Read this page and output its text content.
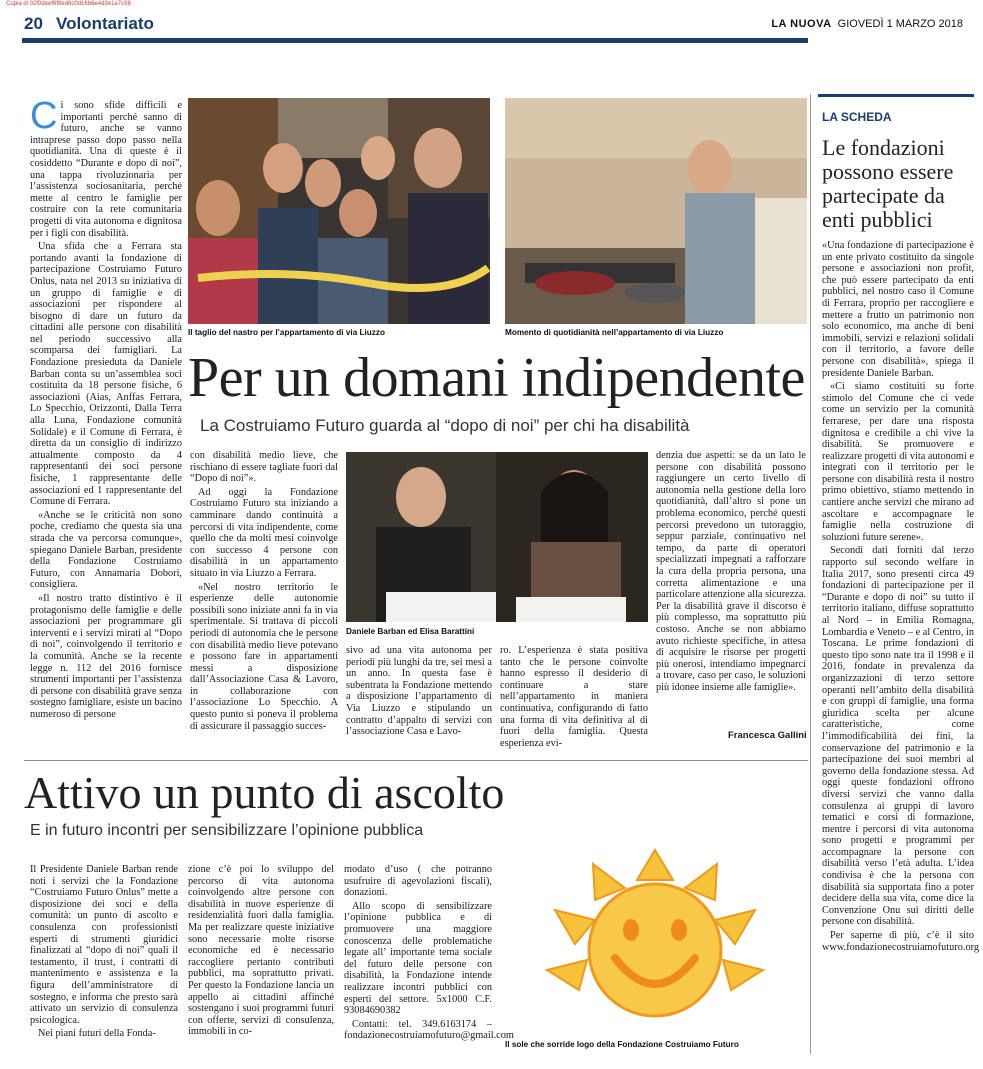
Copia di 02f0deef6f8ed8c0d16b6e4d3e1a7c98
20 Volontariato	LA NUOVA GIOVEDÌ 1 MARZO 2018
C i sono sfide difficili e importanti perché sanno di futuro, anche se vanno intraprese passo dopo passo nella quotidianità. Una di queste è il cosiddetto “Durante e dopo di noi”, una tappa rivoluzionaria per l’assistenza sociosanitaria, perché mette al centro le famiglie per costruire con la rete comunitaria progetti di vita autonoma e dignitosa per i figli con disabilità.

Una sfida che a Ferrara sta portando avanti la fondazione di partecipazione Costruiamo Futuro Onlus, nata nel 2013 su iniziativa di un gruppo di famiglie e di associazioni per rispondere al bisogno di dare un futuro da cittadini alle persone con disabilità nel periodo successivo alla scomparsa dei famigliari. La Fondazione presieduta da Daniele Barban conta su un’assemblea soci costituita da 18 persone fisiche, 6 associazioni (Aias, Anffas Ferrara, Lo Specchio, Orizzonti, Dalla Terra alla Luna, Fondazione comunità Solidale) e il Comune di Ferrara, è diretta da un consiglio di indirizzo attualmente composto da 4 rappresentanti dei soci persone fisiche, 1 rappresentante delle associazioni ed 1 rappresentante del Comune di Ferrara.

«Anche se le criticità non sono poche, crediamo che questa sia una strada che va percorsa comunque», spiegano Daniele Barban, presidente della Fondazione Costruiamo Futuro, con Annamaria Dobori, consigliera.

«Il nostro tratto distintivo è il protagonismo delle famiglie e delle associazioni per programmare gli interventi e i servizi mirati al “Dopo di noi”, coinvolgendo il territorio e la comunità. Anche se la recente legge n. 112 del 2016 fornisce strumenti importanti per l’assistenza di persone con disabilità grave senza sostegno famigliare, esiste un bacino numeroso di persone

Il taglio del nastro per l’appartamento di via Liuzzo	Momento di quotidianità nell’appartamento di via Liuzzo
Per un domani indipendente
La Costruiamo Futuro guarda al “dopo di noi” per chi ha disabilità

con disabilità medio lieve, che rischiano di essere tagliate fuori dal “Dopo di noi”».

Ad oggi la Fondazione Costruiamo Futuro sta iniziando a camminare dando continuità a percorsi di vita indipendente, come quello che da molti mesi coinvolge con successo 4 persone con disabilità in un appartamento situato in via Liuzzo a Ferrara.

«Nel nostro territorio le esperienze delle autonomie possibili sono iniziate anni fa in via sperimentale. Si trattava di piccoli periodi di autonomia che le persone con disabilità medio lieve potevano e possono fare in appartamenti messi a disposizione dall’Associazione Casa & Lavoro, in collaborazione con l’associazione Lo Specchio. A questo punto si poneva il problema di assicurare il passaggio succes-

Daniele Barban ed Elisa Barattini

sivo ad una vita autonoma per periodi più lunghi da tre, sei mesi a un anno. In questa fase è subentrata la Fondazione mettendo a disposizione l’appartamento di Via Liuzzo e stipulando un contratto d’appalto di servizi con l’associazione Casa e Lavo-

ro. L’esperienza è stata positiva tanto che le persone coinvolte hanno espresso il desiderio di continuare a stare nell’appartamento in maniera continuativa, configurando di fatto una forma di vita definitiva al di fuori della famiglia. Questa esperienza evi-

denzia due aspetti: se da un lato le persone con disabilità possono raggiungere un certo livello di autonomia nella gestione della loro quotidianità, dall’altro si pone un problema economico, perché questi percorsi prevedono un tutoraggio, seppur parziale, continuativo nel tempo, da parte di operatori specializzati impegnati a rafforzare la cura della propria persona, una corretta alimentazione e una particolare attenzione alla sicurezza. Per la disabilità grave il discorso è più complesso, ma soprattutto più costoso. Anche se non abbiamo avuto richieste specifiche, in attesa di acquisire le risorse per progetti più onerosi, intendiamo impegnarci a trovare, caso per caso, le soluzioni più idonee insieme alle famiglie».

Francesca Gallini
Attivo un punto di ascolto
E in futuro incontri per sensibilizzare l’opinione pubblica

Il Presidente Daniele Barban rende noti i servizi che la Fondazione “Costruiamo Futuro Onlus” mette a disposizione dei soci e della comunità: un punto di ascolto e consulenza con professionisti esperti di strumenti giuridici finalizzati al “dopo di noi” quali il testamento, il trust, i contratti di mantenimento e assistenza e la figura dell’amministratore di sostegno, e informa che presto sarà attivato un servizio di consulenza psicologica.

Nei piani futuri della Fonda-

zione c’è poi lo sviluppo del percorso di vita autonoma coinvolgendo altre persone con disabilità in nuove esperienze di residenzialità fuori dalla famiglia. Ma per realizzare queste iniziative sono necessarie molte risorse economiche ed è necessario raccogliere pertanto contributi pubblici, ma soprattutto privati. Per questo la Fondazione lancia un appello ai cittadini affinché sostengano i suoi programmi futuri con offerte, servizi di consulenza, immobili in co-

modato d’uso ( che potranno usufruire di agevolazioni fiscali), donazioni.

Allo scopo di sensibilizzare l’opinione pubblica e di promuovere una maggiore conoscenza delle problematiche legate all’ importante tema sociale del futuro delle persone con disabilità, la Fondazione intende realizzare incontri pubblici con esperti del settore. 5x1000 C.F. 93084690382

Contatti: tel. 349.6163174 – fondazionecostruiamofuturo@gmail.com

Il sole che sorride logo della Fondazione Costruiamo Futuro
LA SCHEDA
Le fondazioni possono essere partecipate da enti pubblici

«Una fondazione di partecipazione è un ente privato costituito da singole persone e associazioni non profit, che può essere partecipato da enti pubblici, nel nostro caso il Comune di Ferrara, proprio per raccogliere e mettere a frutto un patrimonio non solo economico, ma anche di beni immobili, servizi e relazioni solidali con il territorio, a favore delle persone con disabilità», spiega il presidente Daniele Barban.

«Ci siamo costituiti su forte stimolo del Comune che ci vede come un servizio per la comunità ferrarese, per dare una risposta dignitosa e credibile a chi vive la disabilità. Se promuovere e realizzare progetti di vita autonomi e integrati con il territorio per le persone con disabilità resta il nostro primo obiettivo, stiamo mettendo in cantiere anche servizi che mirano ad ascoltare e accompagnare le famiglie nella costruzione di soluzioni future serene».

Secondi dati forniti dal terzo rapporto sul secondo welfare in Italia 2017, sono presenti circa 49 fondazioni di partecipazione per il “Durante e dopo di noi” su tutto il territorio italiano, diffuse soprattutto al Nord – in Emilia Romagna, Lombardia e Veneto – e al Centro, in Toscana. Le prime fondazioni di questo tipo sono nate tra il 1998 e il 2016, fondate in prevalenza da organizzazioni di terzo settore operanti nell’ambito della disabilità e con gruppi di famiglie, una forma giuridica scelta per alcune caratteristiche, come l’immodificabilità dei fini, la conservazione del patrimonio e la partecipazione dei suoi membri al governo della fondazione stessa. Ad oggi queste fondazioni offrono diversi servizi che vanno dalla consulenza ai gruppi di lavoro tematici e corsi di formazione, mentre i percorsi di vita autonoma sono progetti e programmi per accompagnare la persone con disabilità verso l’età adulta. L’idea condivisa è che la persona con disabilità sia supportata fino a poter decidere della sua vita, come dice la Convenzione Onu sui diritti delle persone con disabilità.

Per saperne di più, c’è il sito www.fondazionecostruiamofuturo.org
